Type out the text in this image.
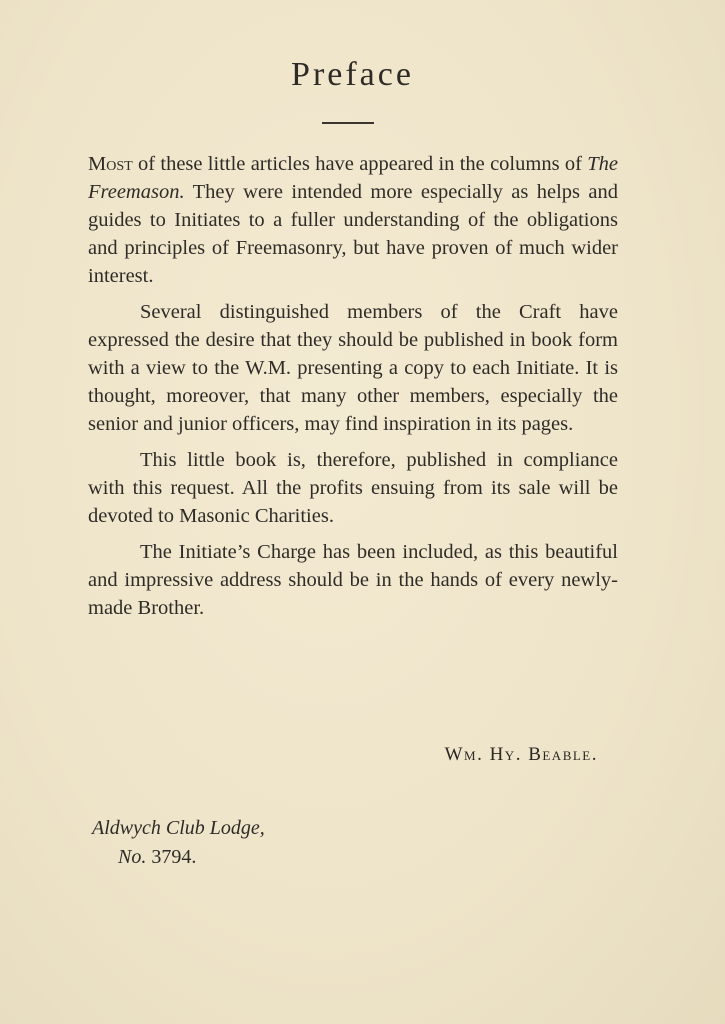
Preface

Most of these little articles have appeared in the columns of The Freemason. They were intended more especially as helps and guides to Initiates to a fuller understanding of the obligations and principles of Freemasonry, but have proven of much wider interest.

Several distinguished members of the Craft have expressed the desire that they should be published in book form with a view to the W.M. presenting a copy to each Initiate. It is thought, moreover, that many other members, especially the senior and junior officers, may find inspiration in its pages.

This little book is, therefore, published in compliance with this request. All the profits ensuing from its sale will be devoted to Masonic Charities.

The Initiate’s Charge has been included, as this beautiful and impressive address should be in the hands of every newly-made Brother.

Wm. Hy. Beable.
Aldwych Club Lodge,
No. 3794.
